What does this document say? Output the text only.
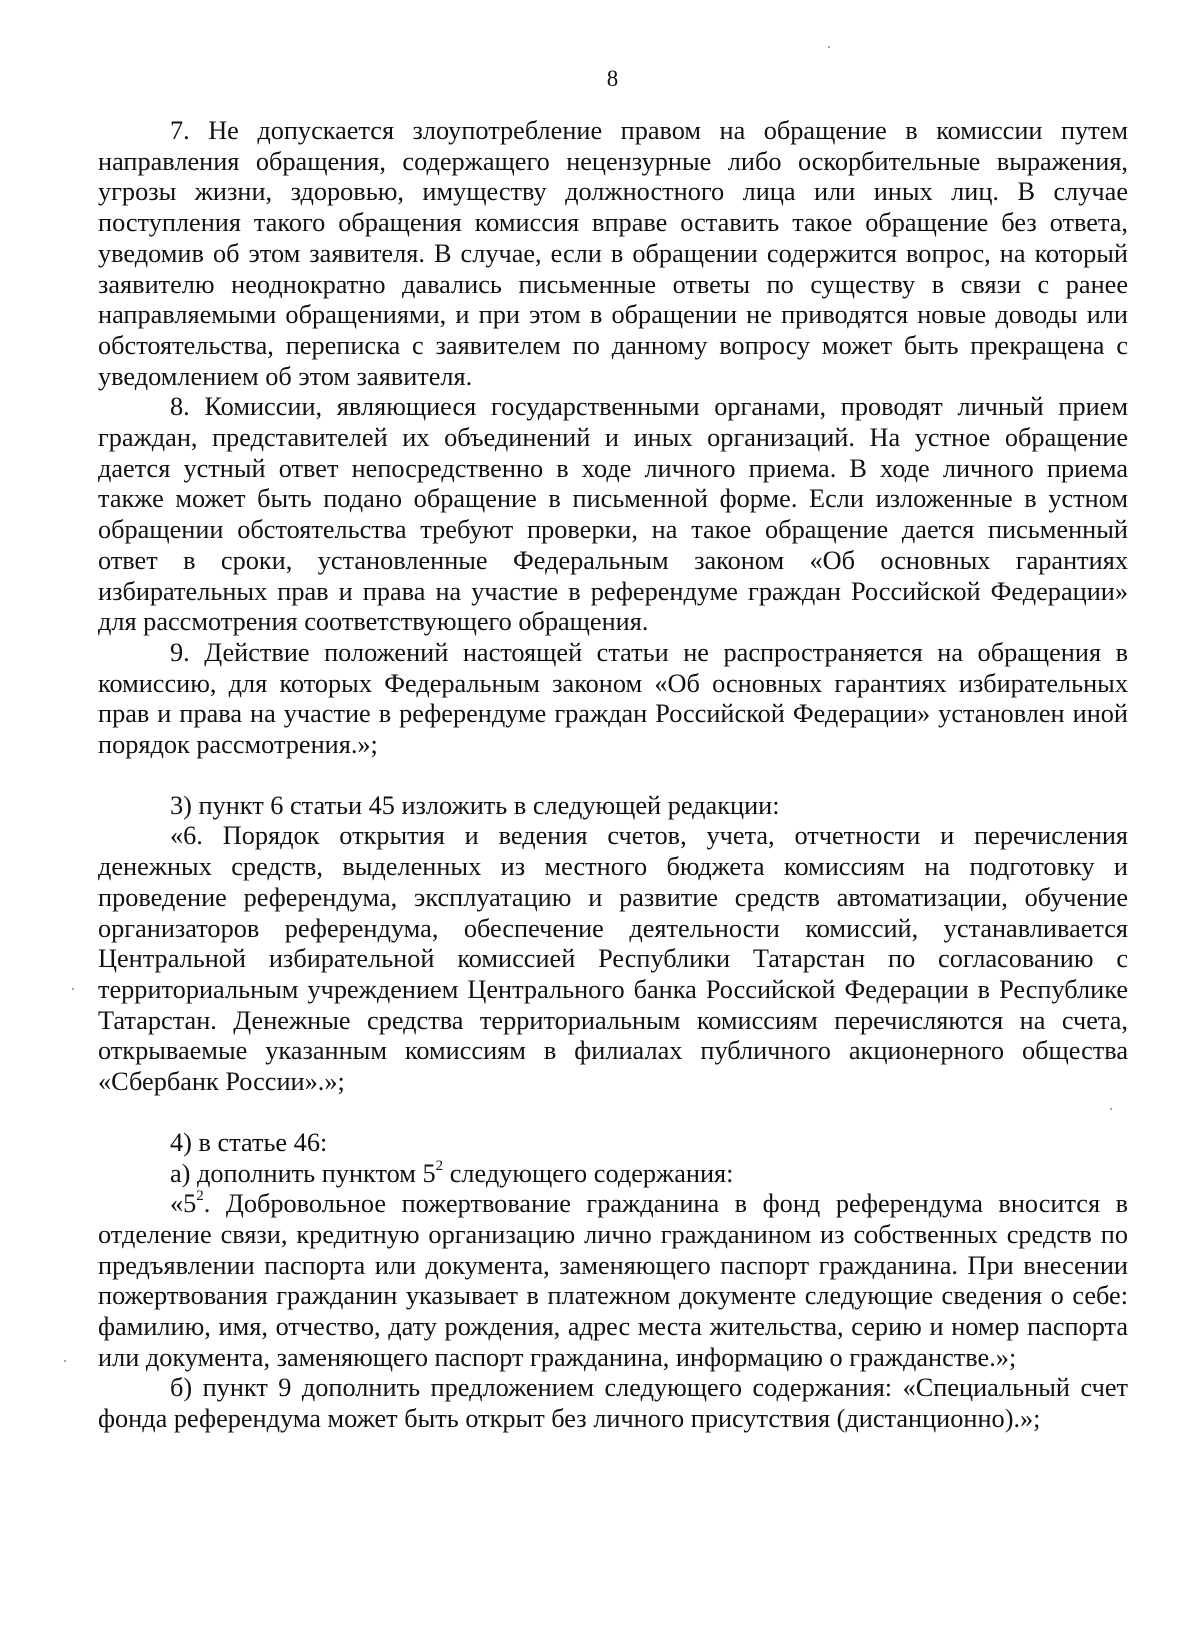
8

7. Не допускается злоупотребление правом на обращение в комиссии путем направления обращения, содержащего нецензурные либо оскорбительные выражения, угрозы жизни, здоровью, имуществу должностного лица или иных лиц. В случае поступления такого обращения комиссия вправе оставить такое обращение без ответа, уведомив об этом заявителя. В случае, если в обращении содержится вопрос, на который заявителю неоднократно давались письменные ответы по существу в связи с ранее направляемыми обращениями, и при этом в обращении не приводятся новые доводы или обстоятельства, переписка с заявителем по данному вопросу может быть прекращена с уведомлением об этом заявителя.

8. Комиссии, являющиеся государственными органами, проводят личный прием граждан, представителей их объединений и иных организаций. На устное обращение дается устный ответ непосредственно в ходе личного приема. В ходе личного приема также может быть подано обращение в письменной форме. Если изложенные в устном обращении обстоятельства требуют проверки, на такое обращение дается письменный ответ в сроки, установленные Федеральным законом «Об основных гарантиях избирательных прав и права на участие в референдуме граждан Российской Федерации» для рассмотрения соответствующего обращения.

9. Действие положений настоящей статьи не распространяется на обращения в комиссию, для которых Федеральным законом «Об основных гарантиях избирательных прав и права на участие в референдуме граждан Российской Федерации» установлен иной порядок рассмотрения.»;

3) пункт 6 статьи 45 изложить в следующей редакции:

«6. Порядок открытия и ведения счетов, учета, отчетности и перечисления денежных средств, выделенных из местного бюджета комиссиям на подготовку и проведение референдума, эксплуатацию и развитие средств автоматизации, обучение организаторов референдума, обеспечение деятельности комиссий, устанавливается Центральной избирательной комиссией Республики Татарстан по согласованию с территориальным учреждением Центрального банка Российской Федерации в Республике Татарстан. Денежные средства территориальным комиссиям перечисляются на счета, открываемые указанным комиссиям в филиалах публичного акционерного общества «Сбербанк России».»;

4) в статье 46:

а) дополнить пунктом $5^2$ следующего содержания:

«$5^2$. Добровольное пожертвование гражданина в фонд референдума вносится в отделение связи, кредитную организацию лично гражданином из собственных средств по предъявлении паспорта или документа, заменяющего паспорт гражданина. При внесении пожертвования гражданин указывает в платежном документе следующие сведения о себе: фамилию, имя, отчество, дату рождения, адрес места жительства, серию и номер паспорта или документа, заменяющего паспорт гражданина, информацию о гражданстве.»;

б) пункт 9 дополнить предложением следующего содержания: «Специальный счет фонда референдума может быть открыт без личного присутствия (дистанционно).»;
